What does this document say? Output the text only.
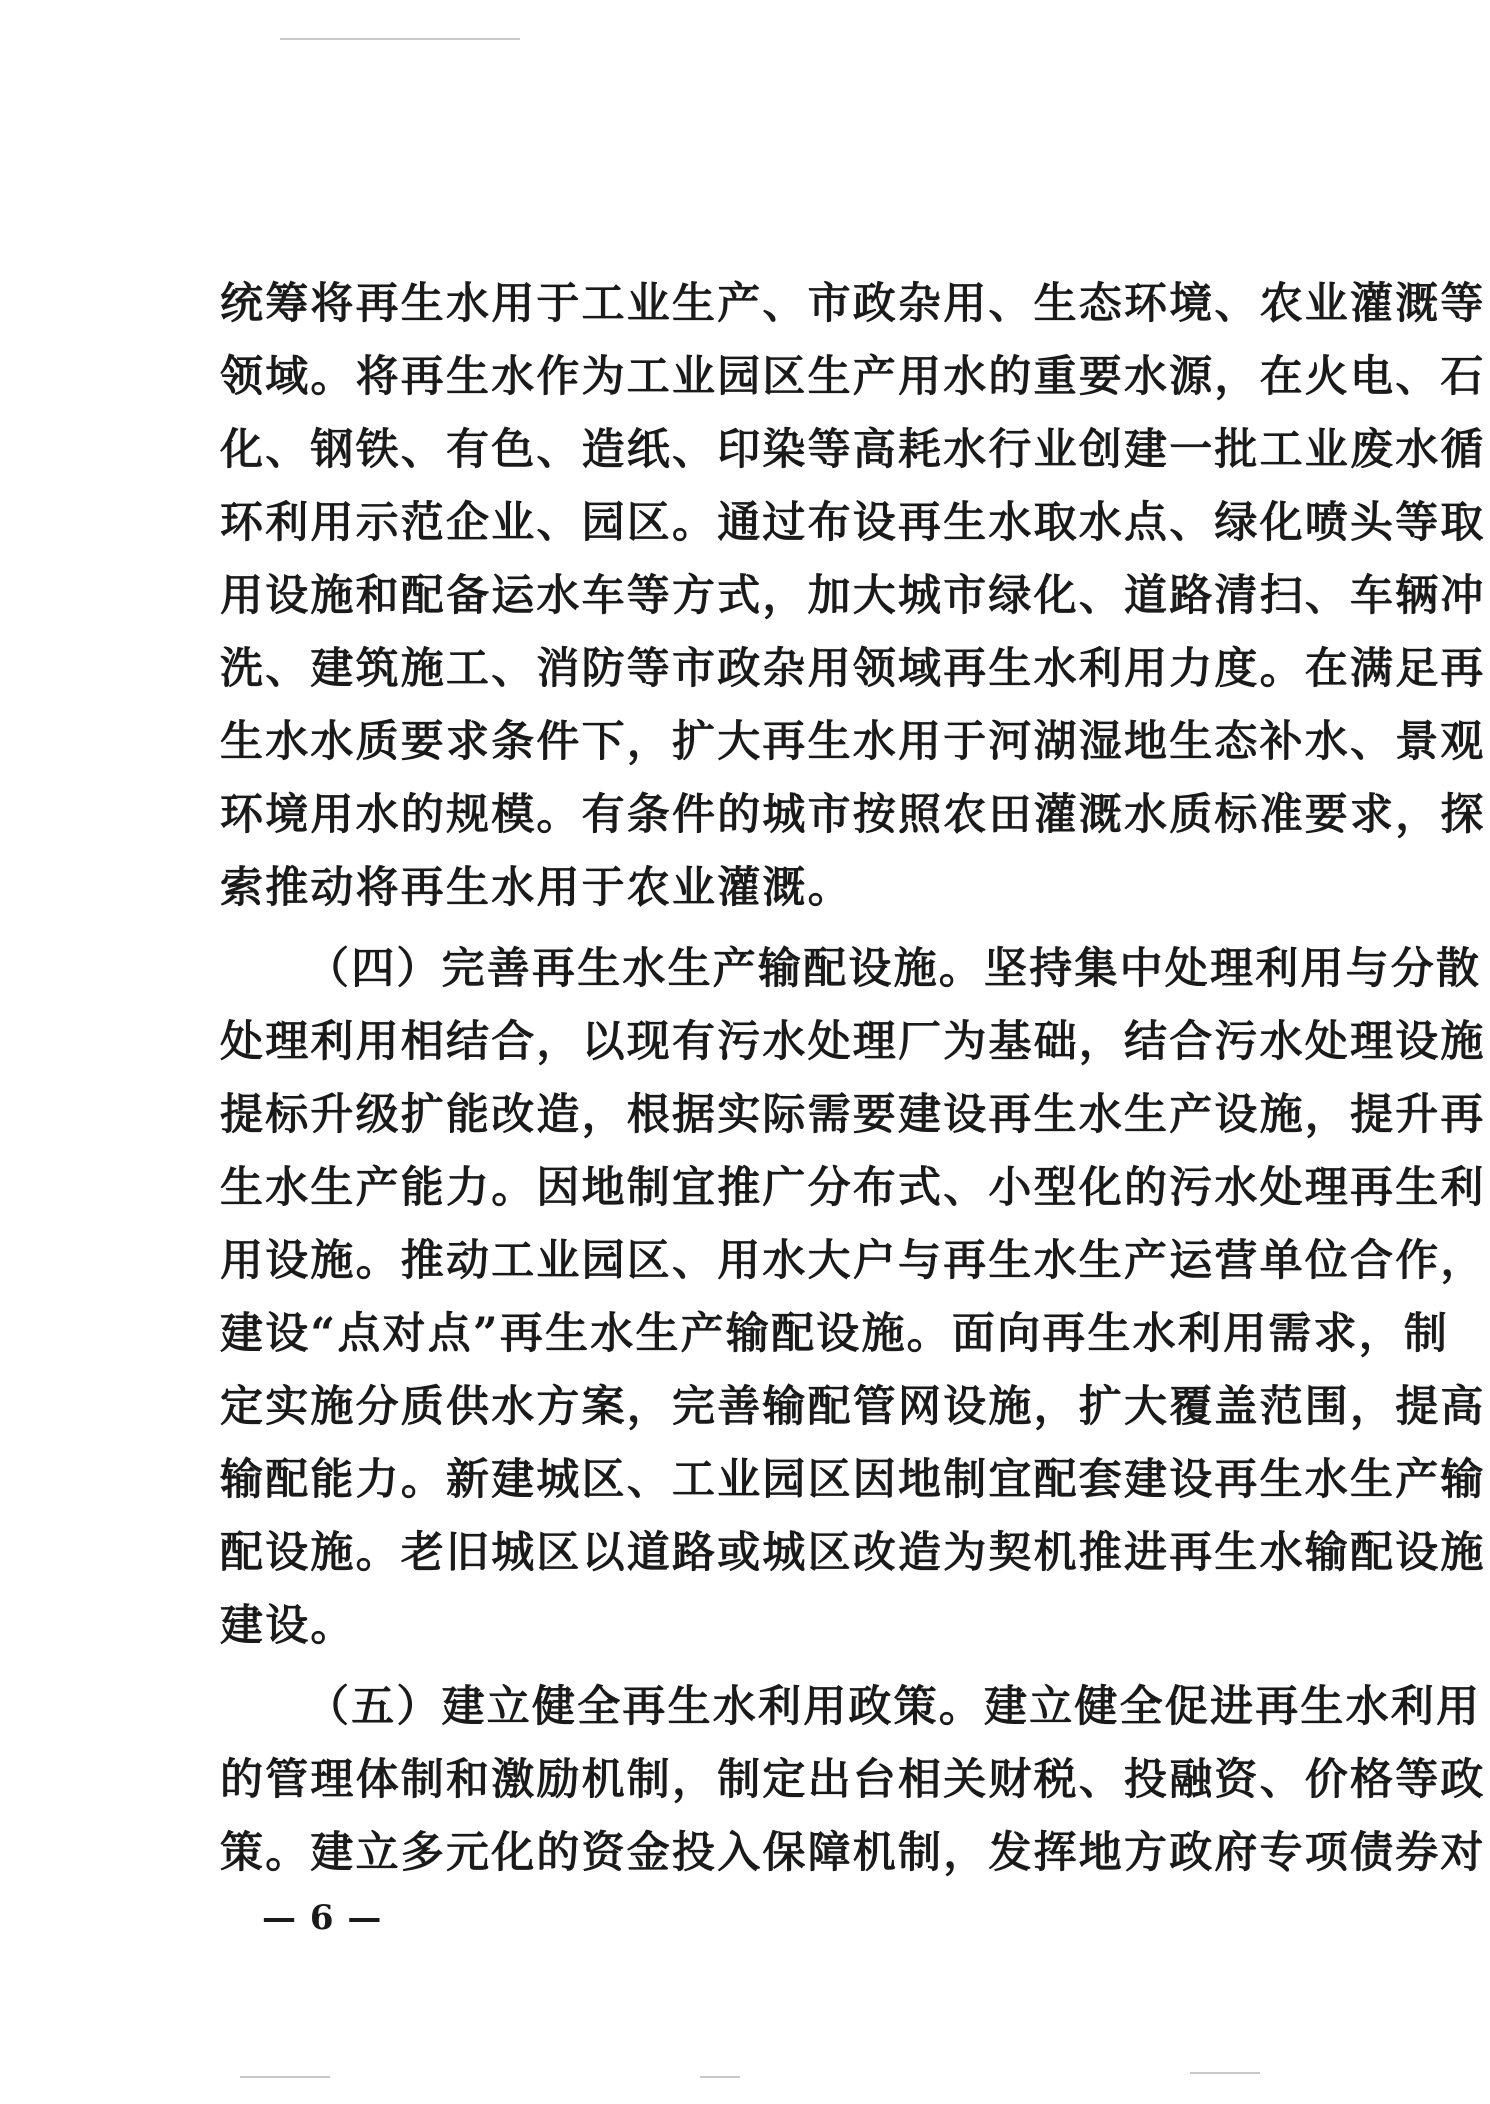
统筹将再生水用于工业生产、市政杂用、生态环境、农业灌溉等
领域。将再生水作为工业园区生产用水的重要水源，在火电、石
化、钢铁、有色、造纸、印染等高耗水行业创建一批工业废水循
环利用示范企业、园区。通过布设再生水取水点、绿化喷头等取
用设施和配备运水车等方式，加大城市绿化、道路清扫、车辆冲
洗、建筑施工、消防等市政杂用领域再生水利用力度。在满足再
生水水质要求条件下，扩大再生水用于河湖湿地生态补水、景观
环境用水的规模。有条件的城市按照农田灌溉水质标准要求，探
索推动将再生水用于农业灌溉。
（四）完善再生水生产输配设施。坚持集中处理利用与分散
处理利用相结合，以现有污水处理厂为基础，结合污水处理设施
提标升级扩能改造，根据实际需要建设再生水生产设施，提升再
生水生产能力。因地制宜推广分布式、小型化的污水处理再生利
用设施。推动工业园区、用水大户与再生水生产运营单位合作，
建设“点对点”再生水生产输配设施。面向再生水利用需求，制
定实施分质供水方案，完善输配管网设施，扩大覆盖范围，提高
输配能力。新建城区、工业园区因地制宜配套建设再生水生产输
配设施。老旧城区以道路或城区改造为契机推进再生水输配设施
建设。
（五）建立健全再生水利用政策。建立健全促进再生水利用
的管理体制和激励机制，制定出台相关财税、投融资、价格等政
策。建立多元化的资金投入保障机制，发挥地方政府专项债券对
— 6 —
